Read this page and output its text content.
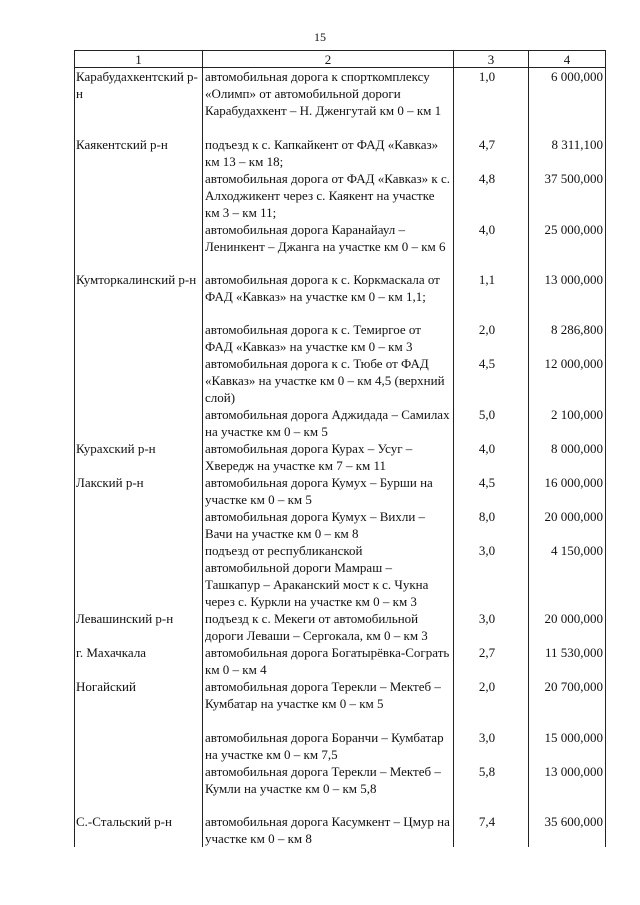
15
1	2	3	4
Карабудахкентский р-н	автомобильная дорога к спорткомплексу «Олимп» от автомобильной дороги Карабудахкент – Н. Дженгутай км 0 – км 1	1,0	6 000,000
Каякентский р-н	подъезд к с. Капкайкент от ФАД «Кавказ» км 13 – км 18;	4,7	8 311,100
	автомобильная дорога от ФАД «Кавказ» к с. Алходжикент через с. Каякент на участке км 3 – км 11;	4,8	37 500,000
	автомобильная дорога Каранайаул – Ленинкент – Джанга на участке км 0 – км 6	4,0	25 000,000
Кумторкалинский р-н	автомобильная дорога к с. Коркмаскала от ФАД «Кавказ» на участке км 0 – км 1,1;	1,1	13 000,000
	автомобильная дорога к с. Темиргое от ФАД «Кавказ» на участке км 0 – км 3	2,0	8 286,800
	автомобильная дорога к с. Тюбе от ФАД «Кавказ» на участке км 0 – км 4,5 (верхний слой)	4,5	12 000,000
	автомобильная дорога Аджидада – Самилах на участке км 0 – км 5	5,0	2 100,000
Курахский р-н	автомобильная дорога Курах – Усуг – Хвередж на участке км 7 – км 11	4,0	8 000,000
Лакский р-н	автомобильная дорога Кумух – Бурши на участке км 0 – км 5	4,5	16 000,000
	автомобильная дорога Кумух – Вихли – Вачи на участке км 0 – км 8	8,0	20 000,000
	подъезд от республиканской автомобильной дороги Мамраш – Ташкапур – Араканский мост к с. Чукна через с. Куркли на участке км 0 – км 3	3,0	4 150,000
Левашинский р-н	подъезд к с. Мекеги от автомобильной дороги Леваши – Сергокала, км 0 – км 3	3,0	20 000,000
г. Махачкала	автомобильная дорога Богатырёвка-Сограть км 0 – км 4	2,7	11 530,000
Ногайский	автомобильная дорога Терекли – Мектеб – Кумбатар на участке км 0 – км 5	2,0	20 700,000
	автомобильная дорога Боранчи – Кумбатар на участке км 0 – км 7,5	3,0	15 000,000
	автомобильная дорога Терекли – Мектеб – Кумли на участке км 0 – км 5,8	5,8	13 000,000
С.-Стальский р-н	автомобильная дорога Касумкент – Цмур на участке км 0 – км 8	7,4	35 600,000
